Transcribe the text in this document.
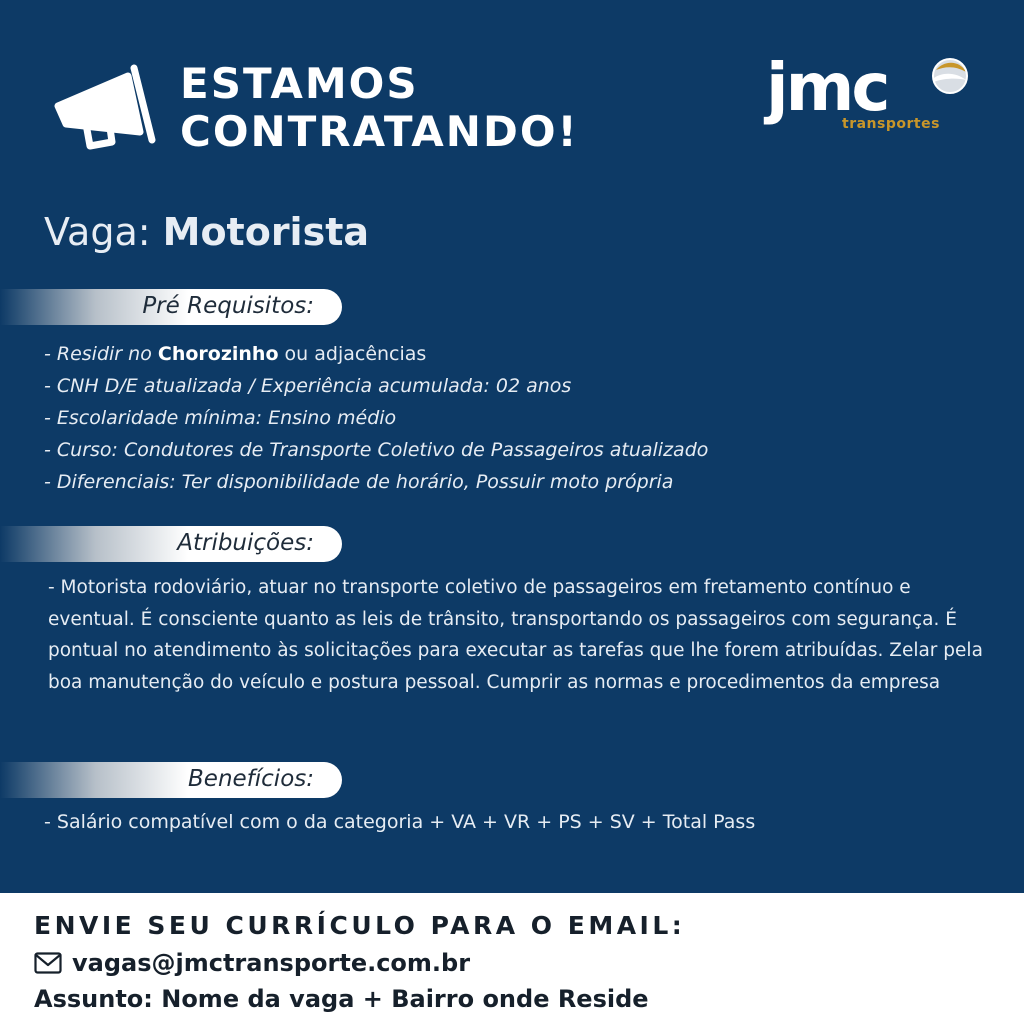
ESTAMOS
CONTRATANDO!
jmc
transportes
Vaga: Motorista
Pré Requisitos:
- Residir no Chorozinho ou adjacências
- CNH D/E atualizada / Experiência acumulada: 02 anos
- Escolaridade mínima: Ensino médio
- Curso: Condutores de Transporte Coletivo de Passageiros atualizado
- Diferenciais: Ter disponibilidade de horário, Possuir moto própria
Atribuições:

- Motorista rodoviário, atuar no transporte coletivo de passageiros em fretamento contínuo e eventual. É consciente quanto as leis de trânsito, transportando os passageiros com segurança. É pontual no atendimento às solicitações para executar as tarefas que lhe forem atribuídas. Zelar pela boa manutenção do veículo e postura pessoal. Cumprir as normas e procedimentos da empresa

Benefícios:
- Salário compatível com o da categoria + VA + VR + PS + SV + Total Pass
ENVIE SEU CURRÍCULO PARA O EMAIL:
vagas@jmctransporte.com.br
Assunto: Nome da vaga + Bairro onde Reside
